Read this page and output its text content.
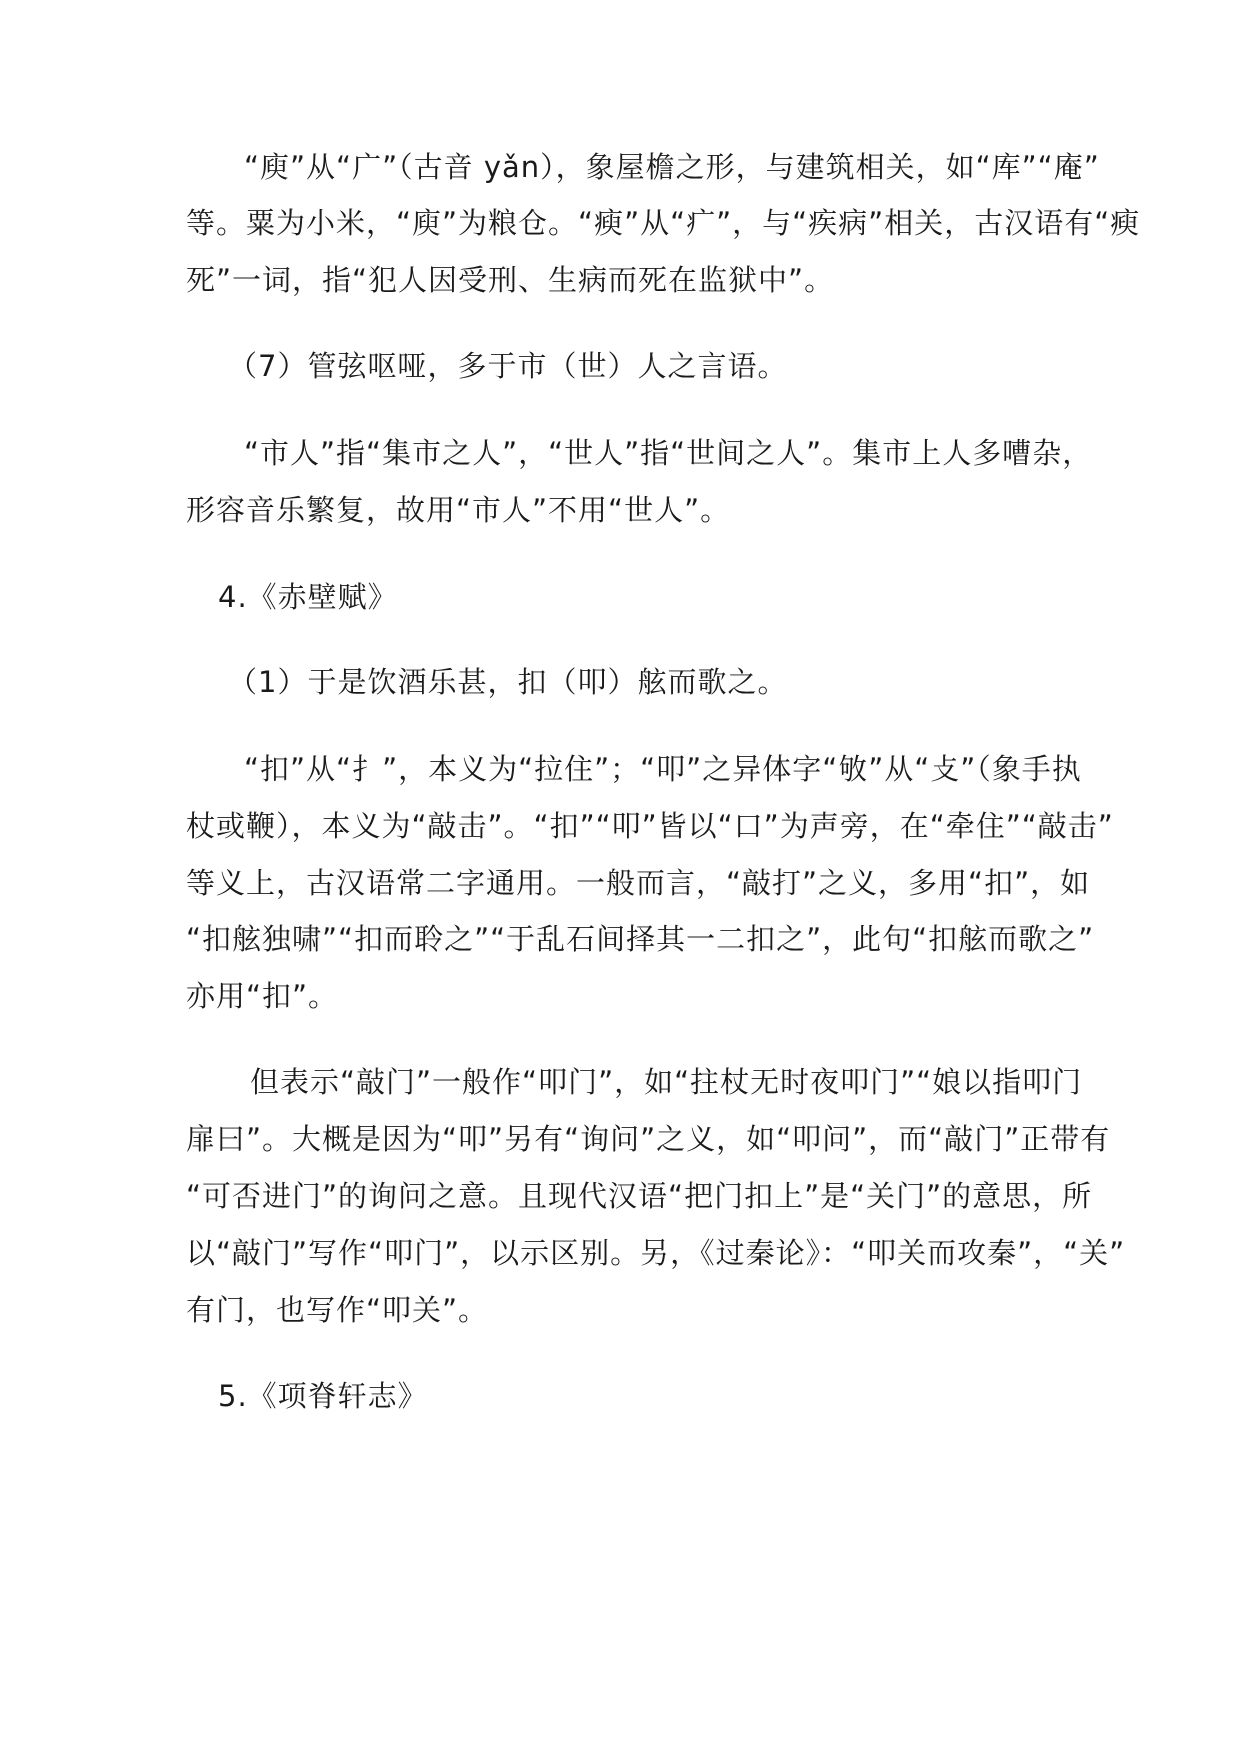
“庾”从“广”（古音 yǎn），象屋檐之形，与建筑相关，如“库”“庵”

等。粟为小米，“庾”为粮仓。“瘐”从“疒”，与“疾病”相关，古汉语有“瘐

死”一词，指“犯人因受刑、生病而死在监狱中”。

（7）管弦呕哑，多于市（世）人之言语。

“市人”指“集市之人”，“世人”指“世间之人”。集市上人多嘈杂，

形容音乐繁复，故用“市人”不用“世人”。

4.《赤壁赋》

（1）于是饮酒乐甚，扣（叩）舷而歌之。

“扣”从“扌”，本义为“拉住”；“叩”之异体字“敂”从“攴”（象手执

杖或鞭），本义为“敲击”。“扣”“叩”皆以“口”为声旁，在“牵住”“敲击”

等义上，古汉语常二字通用。一般而言，“敲打”之义，多用“扣”，如

“扣舷独啸”“扣而聆之”“于乱石间择其一二扣之”，此句“扣舷而歌之”

亦用“扣”。

但表示“敲门”一般作“叩门”，如“拄杖无时夜叩门”“娘以指叩门

扉曰”。大概是因为“叩”另有“询问”之义，如“叩问”，而“敲门”正带有

“可否进门”的询问之意。且现代汉语“把门扣上”是“关门”的意思，所

以“敲门”写作“叩门”，以示区别。另，《过秦论》：“叩关而攻秦”，“关”

有门，也写作“叩关”。

5.《项脊轩志》
